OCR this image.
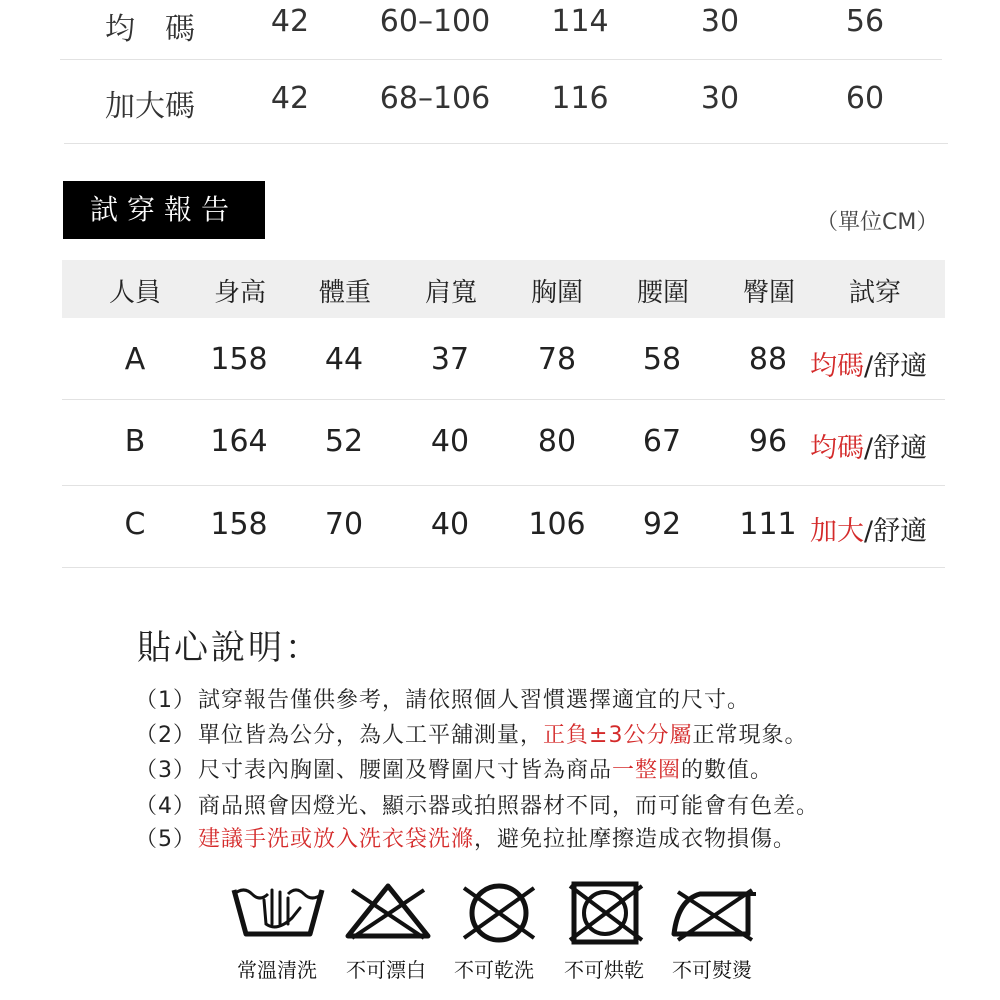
均　碼	42	60–100	114	30	56
加大碼	42	68–106	116	30	60
試穿報告	（單位CM）
人員	身高	體重	肩寬	胸圍	腰圍	臀圍	試穿
A	158	44	37	78	58	88 均碼/舒適
B	164	52	40	80	67	96 均碼/舒適
C	158	70	40	106	92	111 加大/舒適
貼心說明：
（1）試穿報告僅供參考，請依照個人習慣選擇適宜的尺寸。
（2）單位皆為公分，為人工平舖測量，正負±3公分屬正常現象。
（3）尺寸表內胸圍、腰圍及臀圍尺寸皆為商品一整圈的數值。
（4）商品照會因燈光、顯示器或拍照器材不同，而可能會有色差。
（5）建議手洗或放入洗衣袋洗滌，避免拉扯摩擦造成衣物損傷。
常溫清洗	不可漂白	不可乾洗	不可烘乾	不可熨燙
